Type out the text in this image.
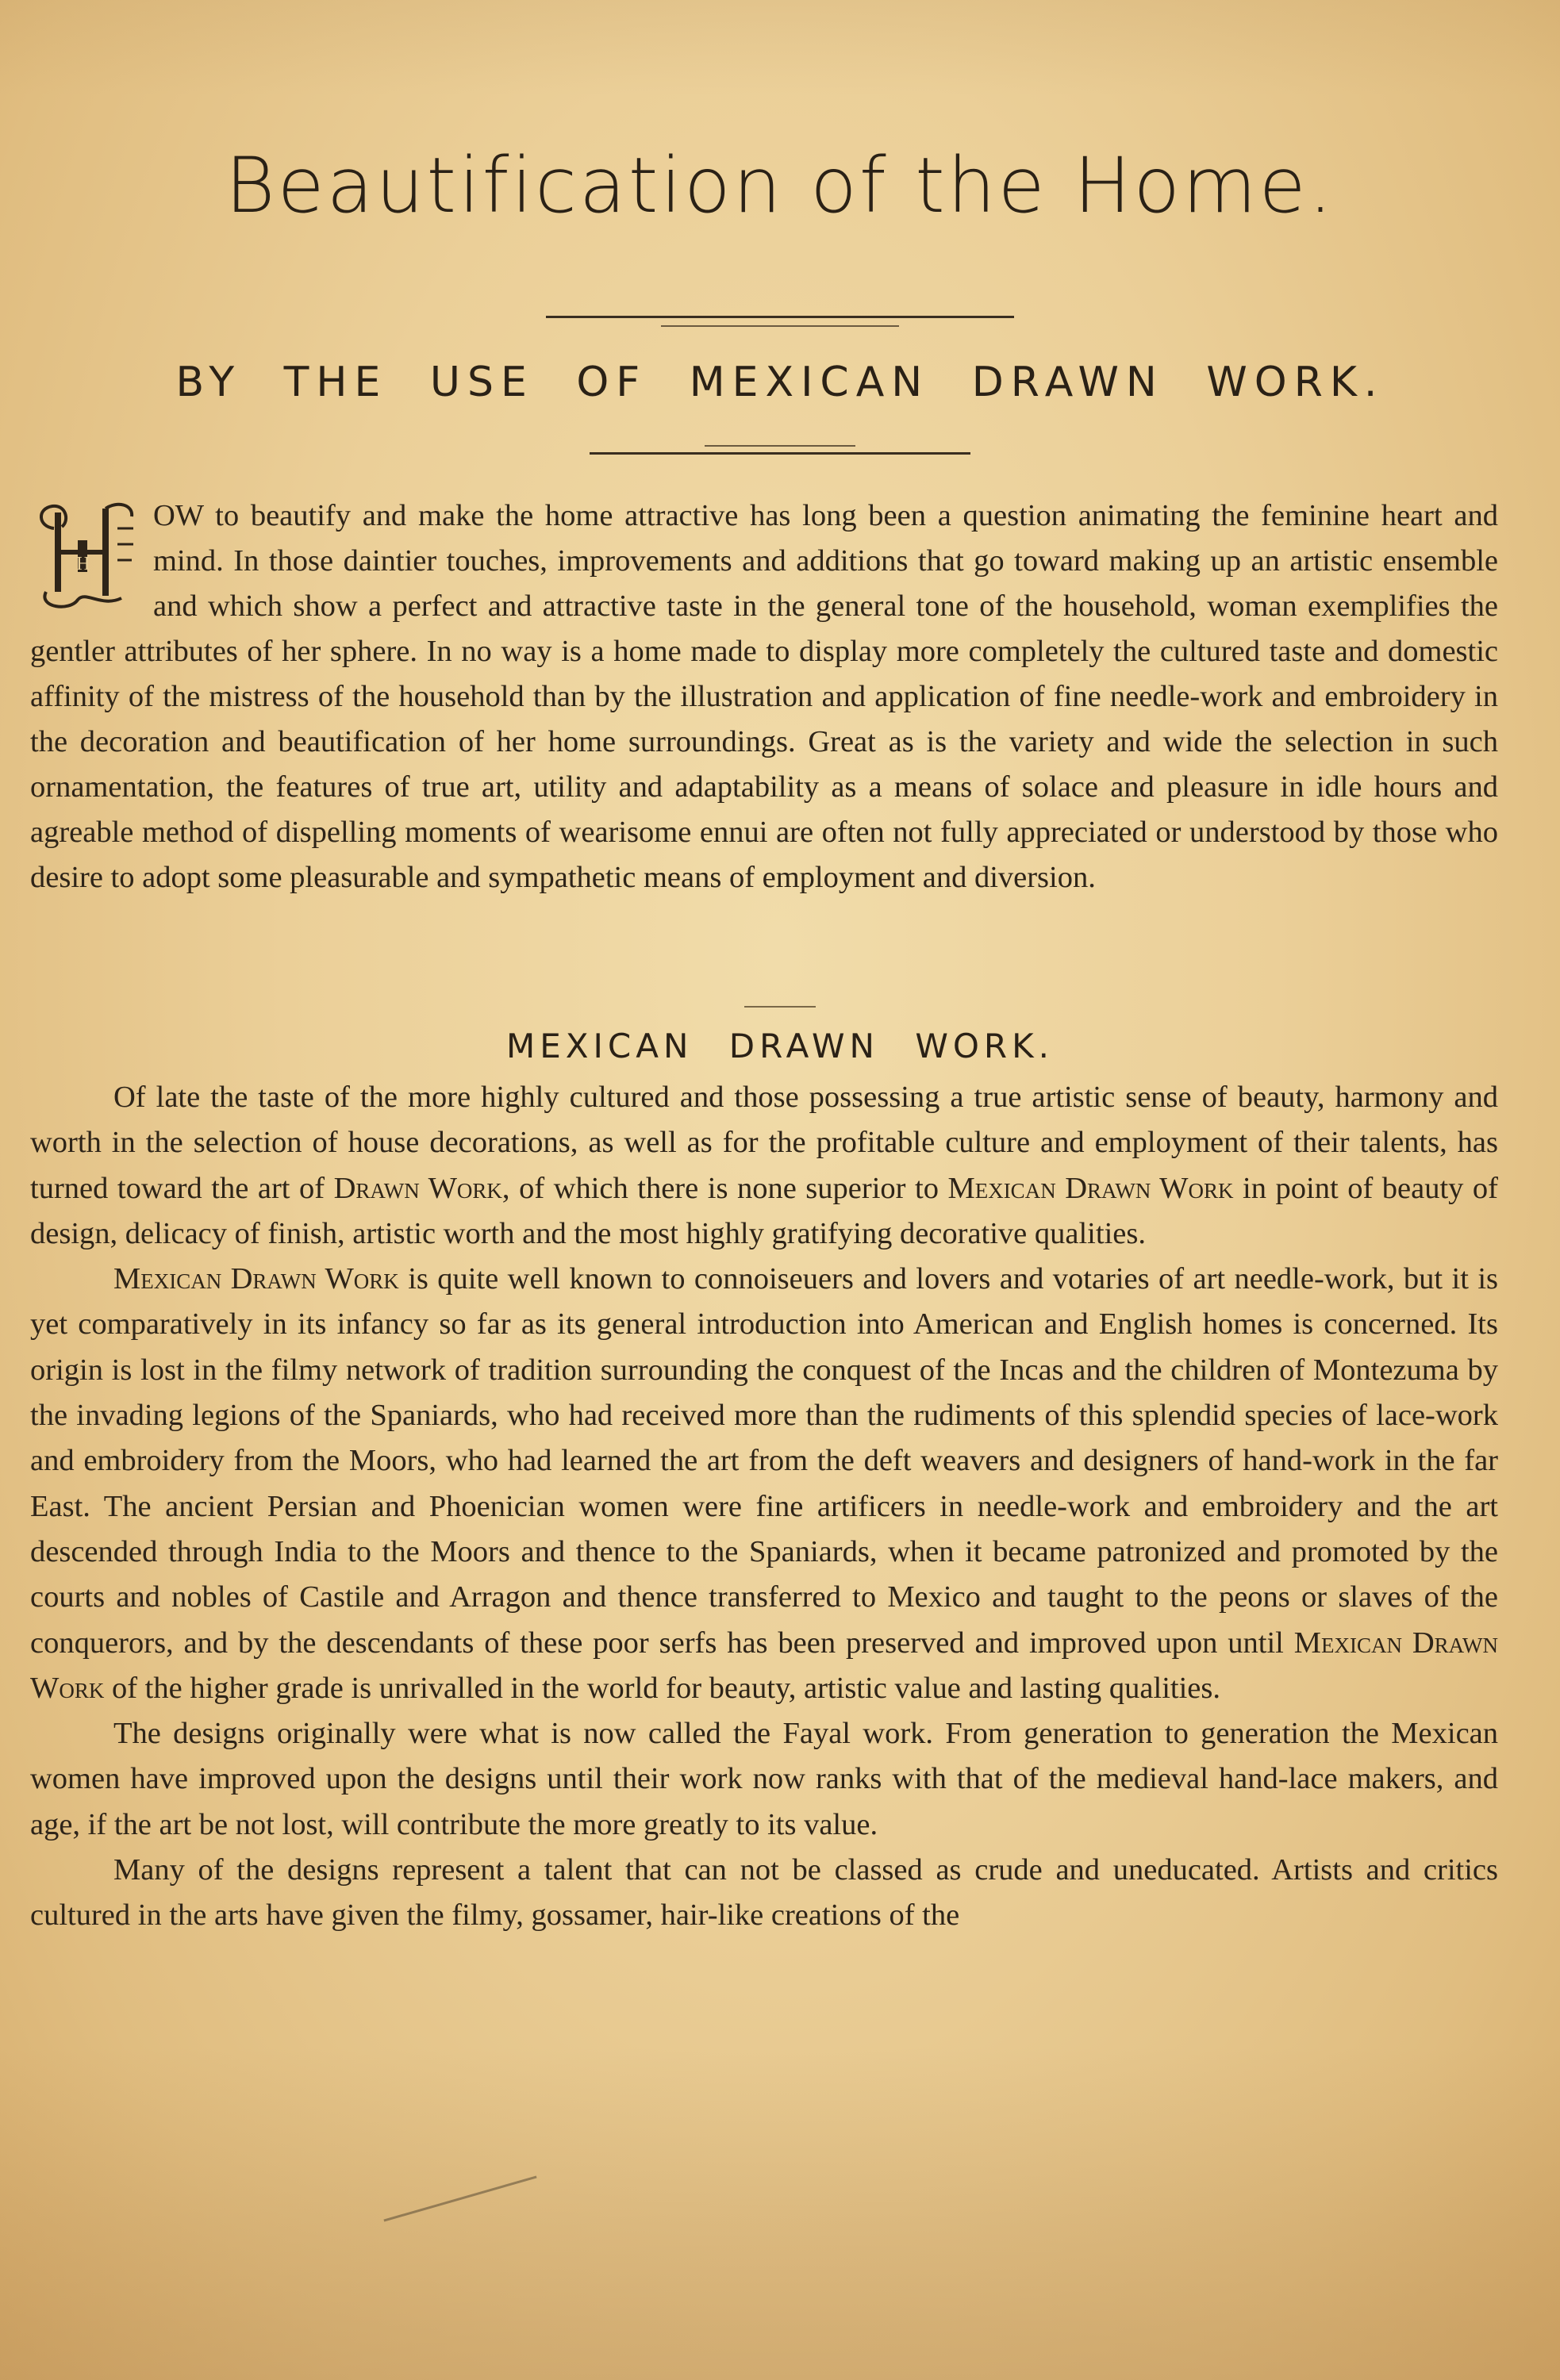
Beautification of the Home.
BY THE USE OF MEXICAN DRAWN WORK.
H

OW to beautify and make the home attractive has long been a question animating the feminine heart and mind. In those daintier touches, improvements and additions that go toward making up an artistic ensemble and which show a perfect and attractive taste in the general tone of the household, woman exemplifies the gentler attributes of her sphere. In no way is a home made to display more completely the cultured taste and domestic affinity of the mistress of the household than by the illustration and application of fine needle-work and embroidery in the decoration and beautification of her home surroundings. Great as is the variety and wide the selection in such ornamentation, the features of true art, utility and adaptability as a means of solace and pleasure in idle hours and agreable method of dispelling moments of wearisome ennui are often not fully appreciated or understood by those who desire to adopt some pleasurable and sympathetic means of employment and diversion.

MEXICAN DRAWN WORK.

Of late the taste of the more highly cultured and those possessing a true artistic sense of beauty, harmony and worth in the selection of house decorations, as well as for the profitable culture and employment of their talents, has turned toward the art of Drawn Work, of which there is none superior to Mexican Drawn Work in point of beauty of design, delicacy of finish, artistic worth and the most highly gratifying decorative qualities.

Mexican Drawn Work is quite well known to connoiseuers and lovers and votaries of art needle-work, but it is yet comparatively in its infancy so far as its general introduction into American and English homes is concerned. Its origin is lost in the filmy network of tradition surrounding the conquest of the Incas and the children of Montezuma by the invading legions of the Spaniards, who had received more than the rudiments of this splendid species of lace-work and embroidery from the Moors, who had learned the art from the deft weavers and designers of hand-work in the far East. The ancient Persian and Phoenician women were fine artificers in needle-work and embroidery and the art descended through India to the Moors and thence to the Spaniards, when it became patronized and promoted by the courts and nobles of Castile and Arragon and thence transferred to Mexico and taught to the peons or slaves of the conquerors, and by the descendants of these poor serfs has been preserved and improved upon until Mexican Drawn Work of the higher grade is unrivalled in the world for beauty, artistic value and lasting qualities.

The designs originally were what is now called the Fayal work. From generation to generation the Mexican women have improved upon the designs until their work now ranks with that of the medieval hand-lace makers, and age, if the art be not lost, will contribute the more greatly to its value.

Many of the designs represent a talent that can not be classed as crude and uneducated. Artists and critics cultured in the arts have given the filmy, gossamer, hair-like creations of the
